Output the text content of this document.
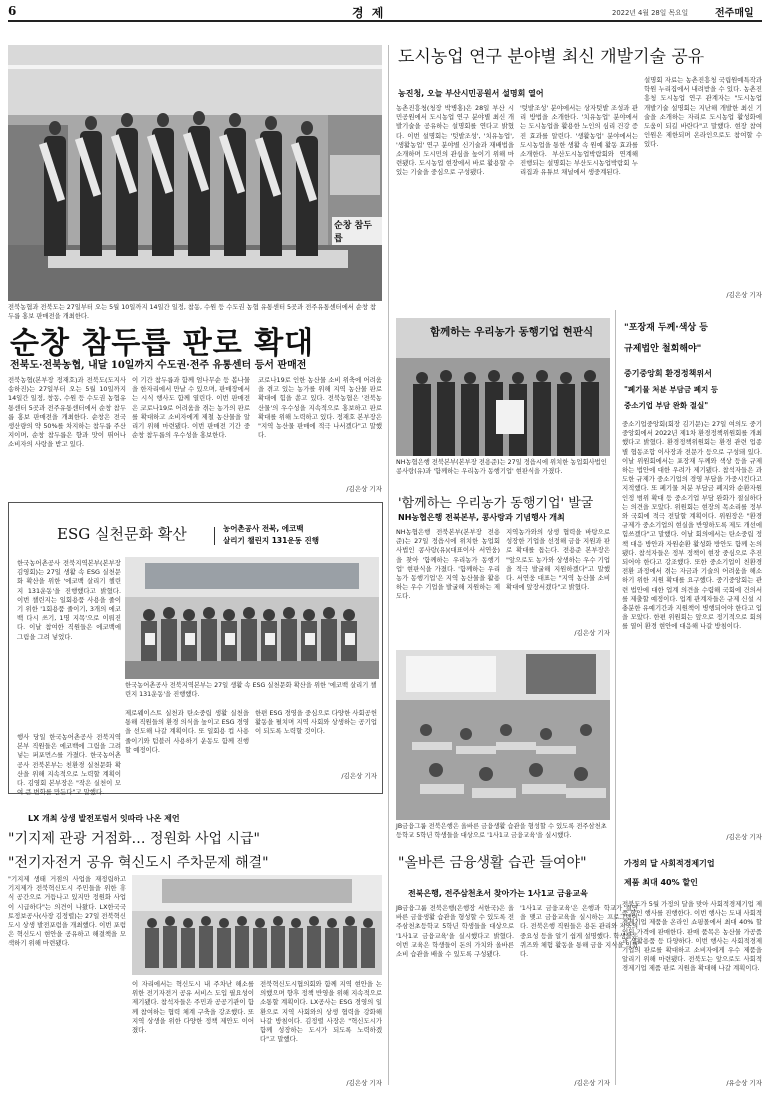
6	경 제	2022년 4월 28일 목요일	전주매일
순창 참두릅
전북농협과 전북도는 27일부터 오는 5월 10일까지 14일간 일정, 참동, 수원 등 수도권 농협 유통센터 5곳과 전주유통센터에서 순창 참두릅 홍보 판매전을 개최한다.
순창 참두릅 판로 확대
전북도·전북농협, 내달 10일까지 수도권·전주 유통센터 등서 판매전
전북농협(본부장 정재호)과 전북도(도지사 송하진)는 27일부터 오는 5월 10일까지 14일간 일정, 창동, 수원 등 수도권 농협유통센터 5곳과 전주유통센터에서 순창 참두릅 홍보 판매전을 개최한다. 순창은 전국 생산량의 약 50%를 차지하는 참두릅 주산지이며, 순창 참두릅은 향과 맛이 뛰어나 소비자의 사랑을 받고 있다.
이 기간 참두릅과 함께 엄나무순 등 봄나물을 한자리에서 만날 수 있으며, 판매장에서는 시식 행사도 함께 열린다. 이번 판매전은 코로나19로 어려움을 겪는 농가의 판로를 확대하고 소비자에게 제철 농산물을 알리기 위해 마련됐다. 이번 판매전 기간 중 순창 참두릅의 우수성을 홍보한다.
코로나19로 인한 농산물 소비 위축에 어려움을 겪고 있는 농가를 위해 지역 농산물 판로 확대에 힘을 쏟고 있다. 전북농협은 '전북농산물'의 우수성을 지속적으로 홍보하고 판로 확대를 위해 노력하고 있다. 정재호 본부장은 "지역 농산물 판매에 적극 나서겠다"고 말했다.
/김은상 기자
ESG 실천문화 확산	농어촌공사 전북, 에코백
살리기 챌린지 131운동 진행
한국농어촌공사 전북지역본부(본부장 김영회)는 27일 생활 속 ESG 실천문화 확산을 위한 '에코백 살리기 챌린지 131운동'을 진행했다고 밝혔다. 이번 챌린지는 일회용품 사용을 줄이기 위한 '1회용품 줄이기, 3개의 에코백 다시 쓰기, 1명 지목'으로 이뤄진다. 이날 참여한 직원들은 에코백에 그림을 그려 넣었다.
한국농어촌공사 전북지역본부는 27일 생활 속 ESG 실천문화 확산을 위한 '에코백 살리기 챌린지 131운동'을 진행했다.
행사 당일 한국농어촌공사 전북지역본부 직원들은 에코백에 그림을 그려 넣는 퍼포먼스를 가졌다. 한국농어촌공사 전북본부는 친환경 실천문화 확산을 위해 지속적으로 노력할 계획이다. 김영회 본부장은 "작은 실천이 모여 큰 변화를 만든다"고 말했다.
제로웨이스트 실천과 탄소중립 생활 실천을 통해 직원들의 환경 의식을 높이고 ESG 경영을 선도해 나갈 계획이다. 또 일회용 컵 사용 줄이기와 텀블러 사용하기 운동도 함께 진행할 예정이다.
한편 ESG 경영을 중심으로 다양한 사회공헌 활동을 펼치며 지역 사회와 상생하는 공기업이 되도록 노력할 것이다.
/김은상 기자
LX 개최 상생 발전포럼서 잇따라 나온 제언
"기지제 관광 거점화… 정원화 사업 시급"
"전기자전거 공유 혁신도시 주차문제 해결"
"기지제 생태 거점의 사업을 재정립하고 기지제가 전북혁신도시 주민들을 위한 휴식 공간으로 거듭나고 있지만 정원화 사업이 시급하다"는 의견이 나왔다. LX한국국토정보공사(사장 김정렬)는 27일 전북혁신도시 상생 발전포럼을 개최했다. 이번 포럼은 혁신도시 현안을 공유하고 해결책을 모색하기 위해 마련됐다.
이 자리에서는 혁신도시 내 주차난 해소를 위한 전기자전거 공유 서비스 도입 필요성이 제기됐다. 참석자들은 주민과 공공기관이 함께 참여하는 협력 체계 구축을 강조했다. 또 지역 상생을 위한 다양한 정책 제안도 이어졌다.
전북혁신도시협의회와 함께 지역 현안을 논의했으며 향후 정책 반영을 위해 지속적으로 소통할 계획이다. LX공사는 ESG 경영의 일환으로 지역 사회와의 상생 협력을 강화해 나갈 방침이다. 김정렬 사장은 "혁신도시가 함께 성장하는 도시가 되도록 노력하겠다"고 말했다.
/김은상 기자
도시농업 연구 분야별 최신 개발기술 공유
농진청, 오늘 부산시민공원서 설명회 열어
농촌진흥청(청장 박병홍)은 28일 부산 시민공원에서 도시농업 연구 분야별 최신 개발기술을 공유하는 설명회를 연다고 밝혔다. 이번 설명회는 '텃밭조성', '치유농업', '생활농업' 연구 분야별 신기술과 재배법을 소개하며 도시민의 관심을 높이기 위해 마련됐다. 도시농업 현장에서 바로 활용할 수 있는 기술을 중심으로 구성됐다.
'텃밭조성' 분야에서는 상자텃밭 조성과 관리 방법을 소개한다. '치유농업' 분야에서는 도시농업을 활용한 노인의 심리 건강 증진 효과를 알린다. '생활농업' 분야에서는 도시농업을 통한 생활 속 원예 활동 효과를 소개한다. 부산도시농업박람회와 연계해 진행되는 설명회는 부산도시농업박람회 누리집과 유튜브 채널에서 생중계된다.
설명회 자료는 농촌진흥청 국립원예특작과학원 누리집에서 내려받을 수 있다. 농촌진흥청 도시농업 연구 관계자는 "도시농업 개발기술 설명회는 지난해 개발한 최신 기술을 소개하는 자리로 도시농업 활성화에 도움이 되길 바란다"고 말했다. 현장 참여 인원은 제한되며 온라인으로도 참여할 수 있다.
/김은상 기자
함께하는 우리농가 동행기업 현판식
NH농협은행 전북본부(본부장 전용준)는 27일 정읍시에 위치한 농업회사법인 콩사랑(유)과 '함께하는 우리농가 동행기업' 현판식을 가졌다.
'함께하는 우리농가 동행기업' 발굴
NH농협은행 전북본부, 콩사랑과 기념행사 개최
NH농협은행 전북본부(본부장 전용준)는 27일 정읍시에 위치한 농업회사법인 콩사랑(유)(대표이사 서연웅)을 찾아 '함께하는 우리농가 동행기업' 현판식을 가졌다. '함께하는 우리농가 동행기업'은 지역 농산물을 활용하는 우수 기업을 발굴해 지원하는 제도다.
지역농가와의 상생 협력을 바탕으로 성장한 기업을 선정해 금융 지원과 판로 확대를 돕는다. 전용준 본부장은 "앞으로도 농가와 상생하는 우수 기업을 적극 발굴해 지원하겠다"고 말했다. 서연웅 대표는 "지역 농산물 소비 확대에 앞장서겠다"고 밝혔다.
/김은상 기자
JB금융그룹 전북은행은 올바른 금융생활 습관을 형성할 수 있도록 전주삼천초등학교 5학년 학생들을 대상으로 '1사1교 금융교육'을 실시했다.
"올바른 금융생활 습관 들여야"
전북은행, 전주삼천초서 찾아가는 1사1교 금융교육
JB금융그룹 전북은행(은행장 서한국)은 올바른 금융생활 습관을 형성할 수 있도록 전주삼천초등학교 5학년 학생들을 대상으로 '1사1교 금융교육'을 실시했다고 밝혔다. 이번 교육은 학생들이 돈의 가치와 올바른 소비 습관을 배울 수 있도록 구성됐다.
'1사1교 금융교육'은 은행과 학교가 결연을 맺고 금융교육을 실시하는 프로그램이다. 전북은행 직원들은 용돈 관리와 저축의 중요성 등을 알기 쉽게 설명했다. 학생들은 퀴즈와 체험 활동을 통해 금융 지식을 익혔다.
/김은상 기자
"포장재 두께·색상 등
규제법안 철회해야"
중기중앙회 환경정책위서
"폐기물 처분 부담금 폐지 등
중소기업 부담 완화 절실"
중소기업중앙회(회장 김기문)는 27일 여의도 중기중앙회에서 2022년 제1차 환경정책위원회를 개최했다고 밝혔다. 환경정책위원회는 환경 관련 업종별 협동조합 이사장과 전문가 등으로 구성돼 있다. 이날 위원회에서는 포장재 두께와 색상 등을 규제하는 법안에 대한 우려가 제기됐다. 참석자들은 과도한 규제가 중소기업의 경영 부담을 가중시킨다고 지적했다. 또 폐기물 처분 부담금 폐지와 순환자원 인정 범위 확대 등 중소기업 부담 완화가 절실하다는 의견을 모았다. 위원회는 현장의 목소리를 정부와 국회에 적극 전달할 계획이다. 위원장은 "환경 규제가 중소기업의 현실을 반영하도록 제도 개선에 힘쓰겠다"고 말했다. 이날 회의에서는 탄소중립 정책 대응 방안과 자원순환 활성화 방안도 함께 논의됐다. 참석자들은 정부 정책이 현장 중심으로 추진되어야 한다고 강조했다. 또한 중소기업이 친환경 전환 과정에서 겪는 자금과 기술의 어려움을 해소하기 위한 지원 확대를 요구했다. 중기중앙회는 관련 법안에 대한 업계 의견을 수렴해 국회에 건의서를 제출할 예정이다. 업계 관계자들은 규제 신설 시 충분한 유예기간과 지원책이 병행되어야 한다고 입을 모았다. 한편 위원회는 앞으로 정기적으로 회의를 열어 환경 현안에 대응해 나갈 방침이다.
/김은상 기자
가정의 달 사회적경제기업
제품 최대 40% 할인
전북도가 5월 가정의 달을 맞아 사회적경제기업 제품 할인 행사를 진행한다. 이번 행사는 도내 사회적경제기업 제품을 온라인 쇼핑몰에서 최대 40% 할인된 가격에 판매한다. 판매 품목은 농산물 가공품과 생활용품 등 다양하다. 이번 행사는 사회적경제기업의 판로를 확대하고 소비자에게 우수 제품을 알리기 위해 마련됐다. 전북도는 앞으로도 사회적경제기업 제품 판로 지원을 확대해 나갈 계획이다.
/유승상 기자
